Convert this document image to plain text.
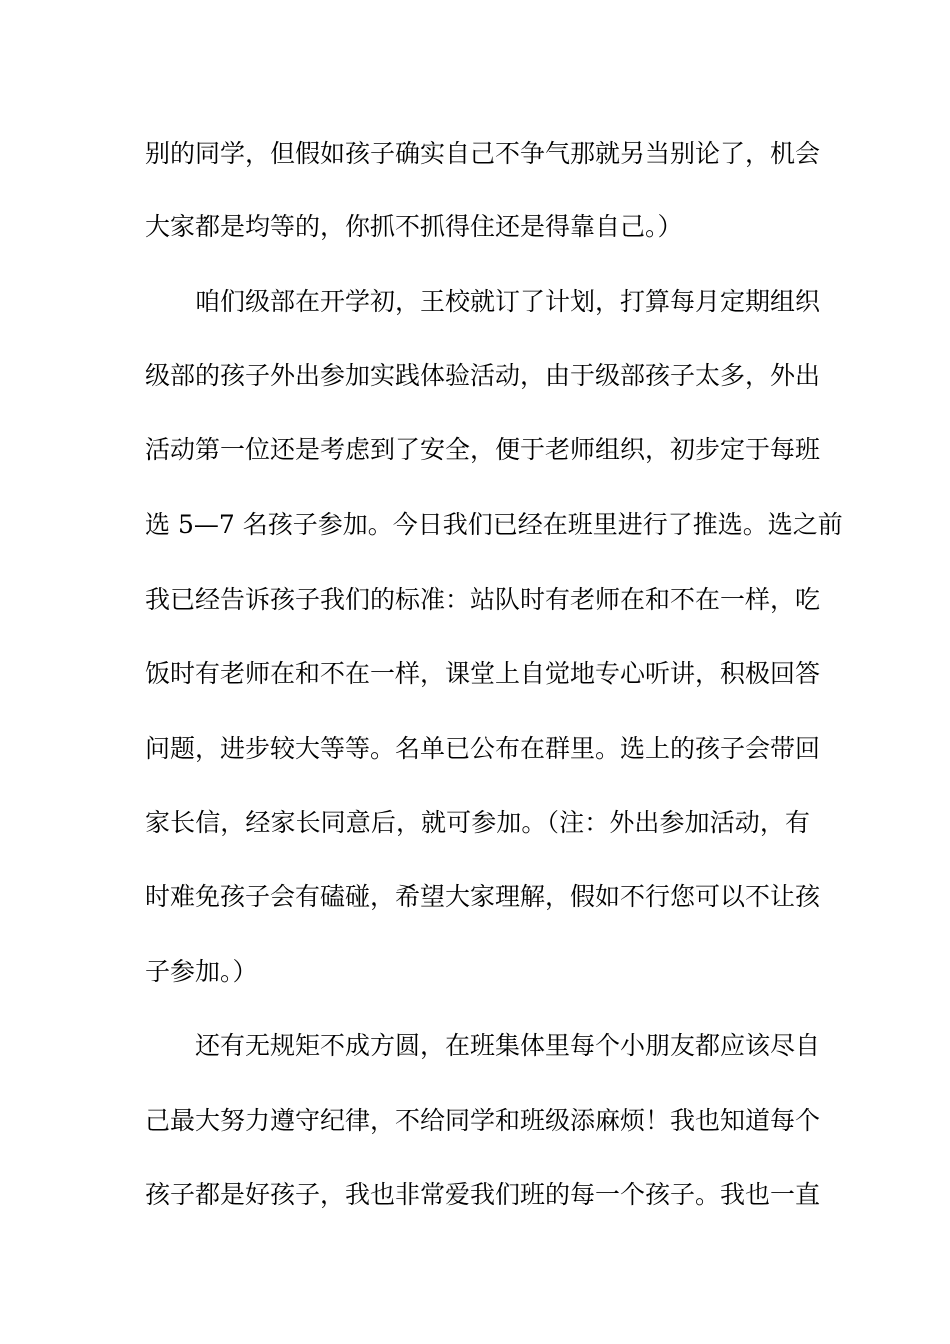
别的同学，但假如孩子确实自己不争气那就另当别论了，机会
大家都是均等的，你抓不抓得住还是得靠自己。）
咱们级部在开学初，王校就订了计划，打算每月定期组织
级部的孩子外出参加实践体验活动，由于级部孩子太多，外出
活动第一位还是考虑到了安全，便于老师组织，初步定于每班
选 5—7 名孩子参加。今日我们已经在班里进行了推选。选之前
我已经告诉孩子我们的标准：站队时有老师在和不在一样，吃
饭时有老师在和不在一样，课堂上自觉地专心听讲，积极回答
问题，进步较大等等。名单已公布在群里。选上的孩子会带回
家长信，经家长同意后，就可参加。（注：外出参加活动，有
时难免孩子会有磕碰，希望大家理解，假如不行您可以不让孩
子参加。）
还有无规矩不成方圆，在班集体里每个小朋友都应该尽自
己最大努力遵守纪律，不给同学和班级添麻烦！我也知道每个
孩子都是好孩子，我也非常爱我们班的每一个孩子。我也一直
